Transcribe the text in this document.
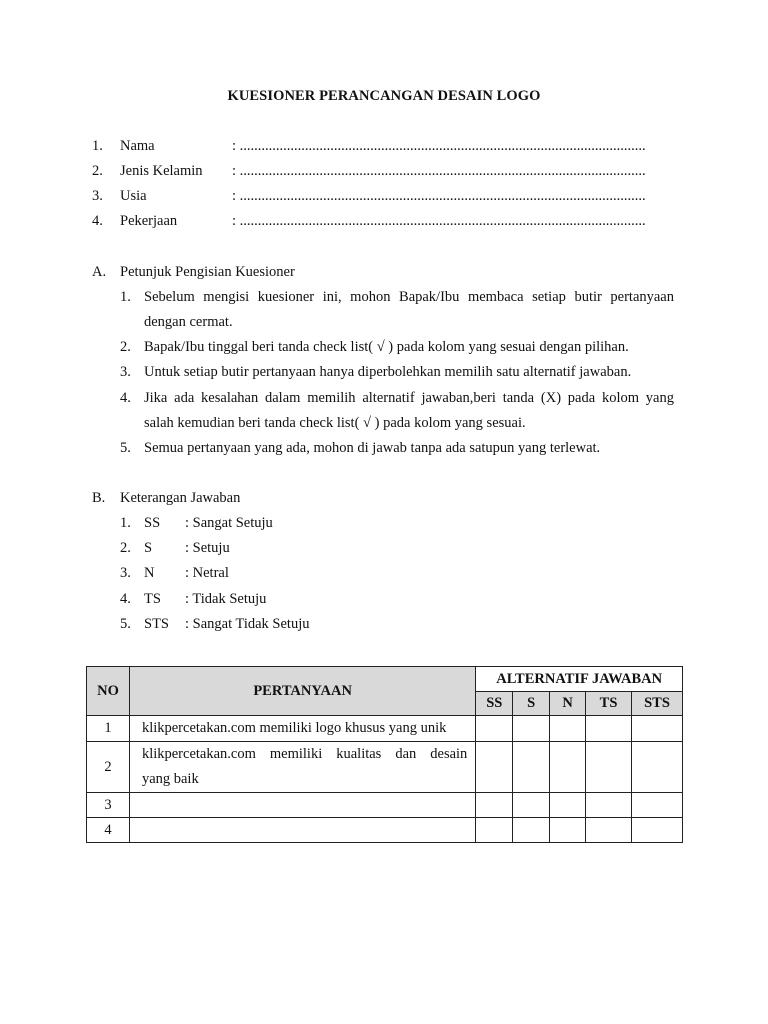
KUESIONER PERANCANGAN DESAIN LOGO
1. Nama	: ................................................................................................................
2. Jenis Kelamin : ................................................................................................................
3. Usia	: ................................................................................................................
4. Pekerjaan	: ................................................................................................................
A. Petunjuk Pengisian Kuesioner
1. Sebelum mengisi kuesioner ini, mohon Bapak/Ibu membaca setiap butir pertanyaan
dengan cermat.
2. Bapak/Ibu tinggal beri tanda check list( √ ) pada kolom yang sesuai dengan pilihan.
3. Untuk setiap butir pertanyaan hanya diperbolehkan memilih satu alternatif jawaban.
4. Jika ada kesalahan dalam memilih alternatif jawaban,beri tanda (X) pada kolom yang
salah kemudian beri tanda check list( √ ) pada kolom yang sesuai.
5. Semua pertanyaan yang ada, mohon di jawab tanpa ada satupun yang terlewat.
B. Keterangan Jawaban
1. SS : Sangat Setuju
2. S : Setuju
3. N : Netral
4. TS : Tidak Setuju
5. STS : Sangat Tidak Setuju
NO	PERTANYAAN	ALTERNATIF JAWABAN				
		SS	S	N	TS	STS
1	klikpercetakan.com memiliki logo khusus yang unik					
2	klikpercetakan.com memiliki kualitas dan desain
yang baik					

3						
4						
